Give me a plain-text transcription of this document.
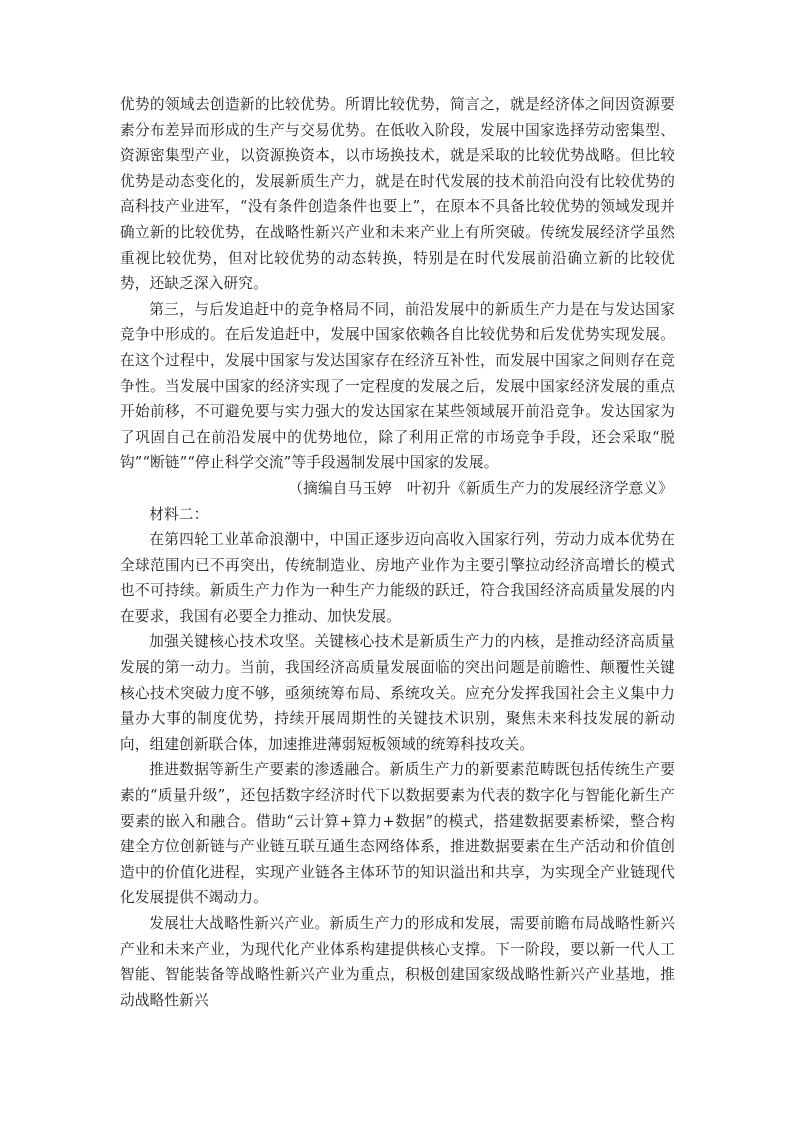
优势的领域去创造新的比较优势。所谓比较优势，简言之，就是经济体之间因资源要素分布差异而形成的生产与交易优势。在低收入阶段，发展中国家选择劳动密集型、资源密集型产业，以资源换资本，以市场换技术，就是采取的比较优势战略。但比较优势是动态变化的，发展新质生产力，就是在时代发展的技术前沿向没有比较优势的高科技产业进军，“没有条件创造条件也要上”，在原本不具备比较优势的领域发现并确立新的比较优势，在战略性新兴产业和未来产业上有所突破。传统发展经济学虽然重视比较优势，但对比较优势的动态转换，特别是在时代发展前沿确立新的比较优势，还缺乏深入研究。

第三，与后发追赶中的竞争格局不同，前沿发展中的新质生产力是在与发达国家竞争中形成的。在后发追赶中，发展中国家依赖各自比较优势和后发优势实现发展。在这个过程中，发展中国家与发达国家存在经济互补性，而发展中国家之间则存在竞争性。当发展中国家的经济实现了一定程度的发展之后，发展中国家经济发展的重点开始前移，不可避免要与实力强大的发达国家在某些领域展开前沿竞争。发达国家为了巩固自己在前沿发展中的优势地位，除了利用正常的市场竞争手段，还会采取“脱钩”“断链”“停止科学交流”等手段遏制发展中国家的发展。

（摘编自马玉婷　叶初升《新质生产力的发展经济学意义》

材料二：

在第四轮工业革命浪潮中，中国正逐步迈向高收入国家行列，劳动力成本优势在全球范围内已不再突出，传统制造业、房地产业作为主要引擎拉动经济高增长的模式也不可持续。新质生产力作为一种生产力能级的跃迁，符合我国经济高质量发展的内在要求，我国有必要全力推动、加快发展。

加强关键核心技术攻坚。关键核心技术是新质生产力的内核，是推动经济高质量发展的第一动力。当前，我国经济高质量发展面临的突出问题是前瞻性、颠覆性关键核心技术突破力度不够，亟须统筹布局、系统攻关。应充分发挥我国社会主义集中力量办大事的制度优势，持续开展周期性的关键技术识别，聚焦未来科技发展的新动向，组建创新联合体，加速推进薄弱短板领域的统筹科技攻关。

推进数据等新生产要素的渗透融合。新质生产力的新要素范畴既包括传统生产要素的“质量升级”，还包括数字经济时代下以数据要素为代表的数字化与智能化新生产要素的嵌入和融合。借助“云计算+算力+数据”的模式，搭建数据要素桥梁，整合构建全方位创新链与产业链互联互通生态网络体系，推进数据要素在生产活动和价值创造中的价值化进程，实现产业链各主体环节的知识溢出和共享，为实现全产业链现代化发展提供不竭动力。

发展壮大战略性新兴产业。新质生产力的形成和发展，需要前瞻布局战略性新兴产业和未来产业，为现代化产业体系构建提供核心支撑。下一阶段，要以新一代人工智能、智能装备等战略性新兴产业为重点，积极创建国家级战略性新兴产业基地，推动战略性新兴
